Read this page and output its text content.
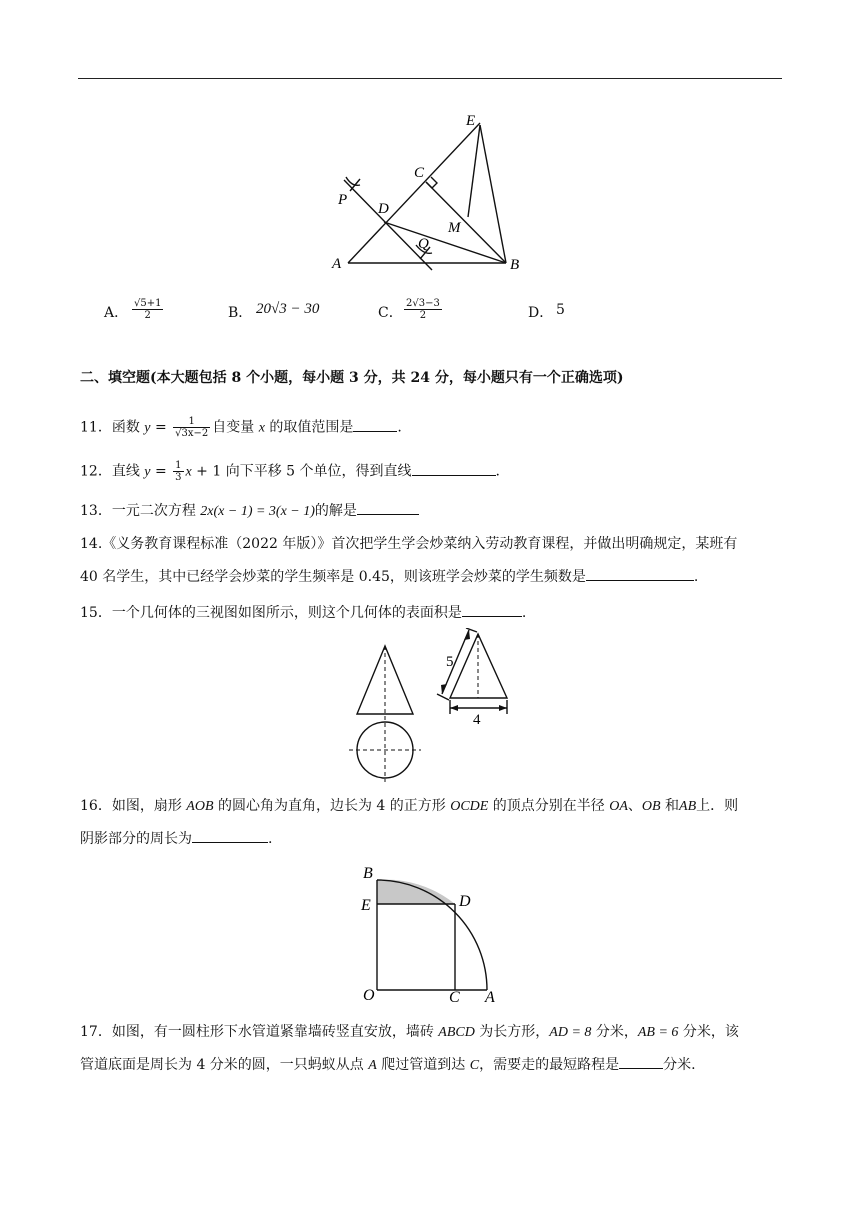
E
C
P
D
M
Q
A	B
A． $\frac{√5+1}{2}$	B． 20√3 − 30	C． $\frac{2√3-3}{2}$	D． 5
二、填空题(本大题包括 8 个小题，每小题 3 分，共 24 分，每小题只有一个正确选项)
11．函数 $y = \frac{1}{√3x-2}$ 自变量 x 的取值范围是	.
12．直线 $y = \frac{1}{3}$ x + 1 向下平移 5 个单位，得到直线	.
13．一元二次方程 2x(x − 1) = 3(x − 1)的解是
14.《义务教育课程标准（2022 年版）》首次把学生学会炒菜纳入劳动教育课程，并做出明确规定，某班有
40 名学生，其中已经学会炒菜的学生频率是 0.45，则该班学会炒菜的学生频数是	.
15．一个几何体的三视图如图所示，则这个几何体的表面积是	.
5
4
16．如图，扇形 AOB 的圆心角为直角，边长为 4 的正方形 OCDE 的顶点分别在半径 OA、OB 和AB上．则
阴影部分的周长为	.
B
E	D
O	C A
17．如图，有一圆柱形下水管道紧靠墙砖竖直安放，墙砖 ABCD 为长方形，AD = 8 分米，AB = 6 分米，该
管道底面是周长为 4 分米的圆，一只蚂蚁从点 A 爬过管道到达 C，需要走的最短路程是	分米.
